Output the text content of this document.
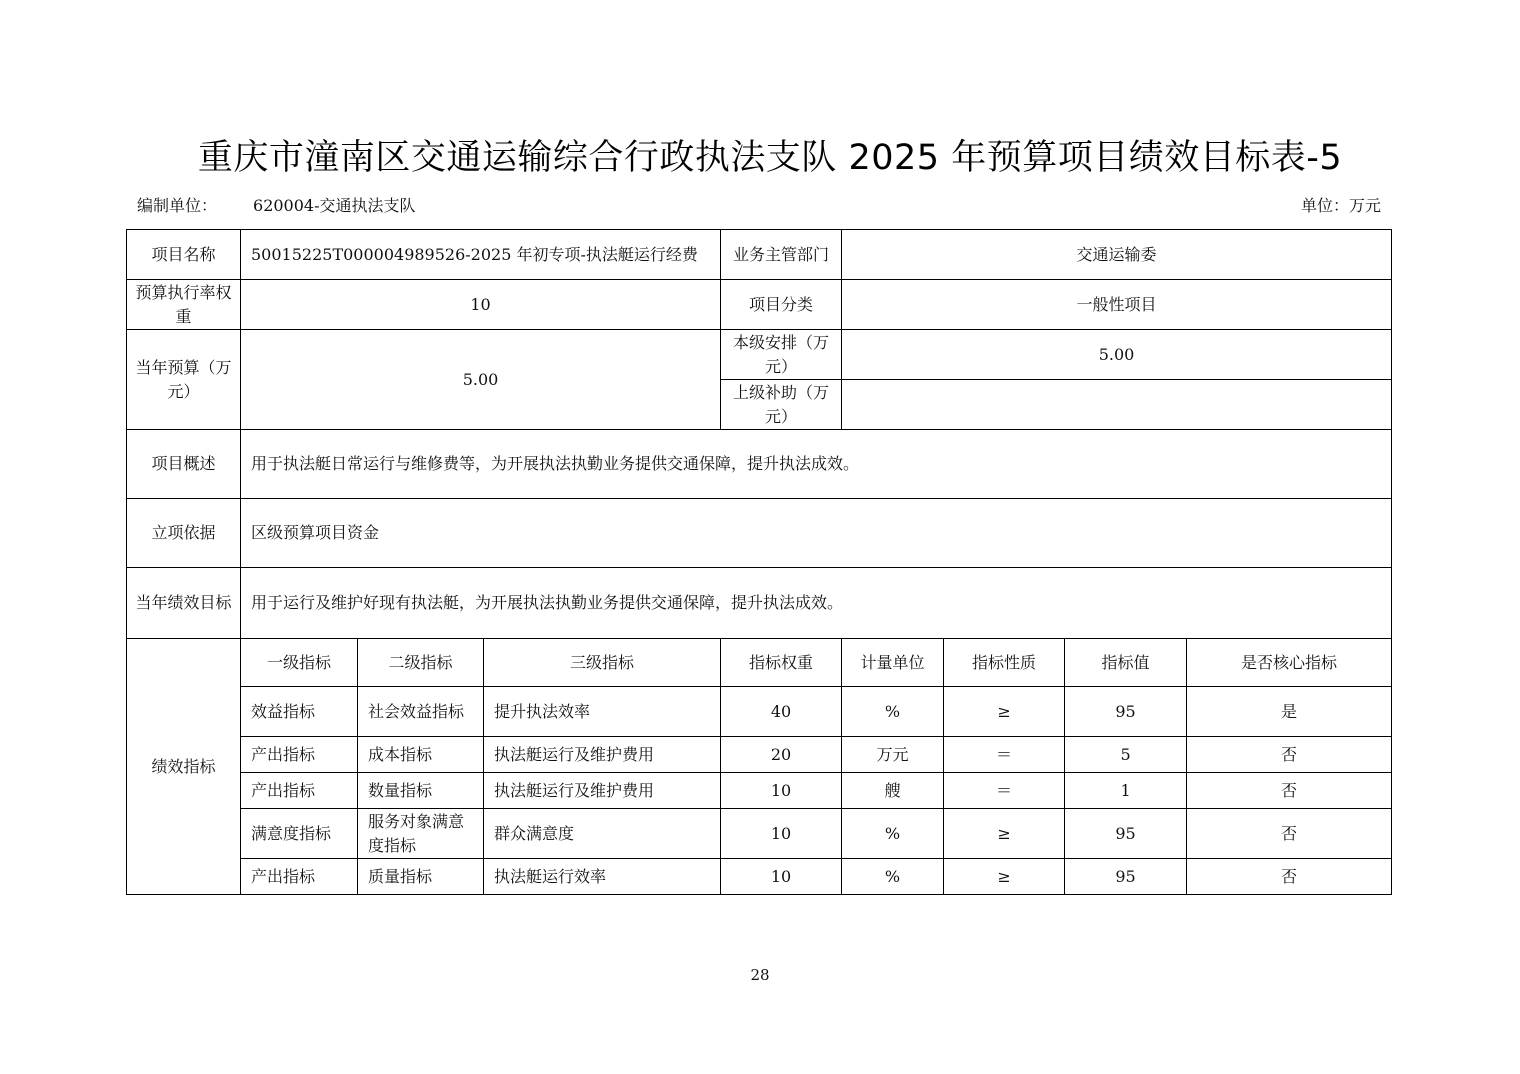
重庆市潼南区交通运输综合行政执法支队 2025 年预算项目绩效目标表-5
编制单位： 620004-交通执法支队	单位：万元
项目名称	50015225T000004989526-2025 年初专项-执法艇运行经费			业务主管部门	交通运输委			
预算执行率权重	10			项目分类	一般性项目			
当年预算（万元）	5.00			本级安排（万元）	5.00			
				上级补助（万元）				
项目概述	用于执法艇日常运行与维修费等，为开展执法执勤业务提供交通保障，提升执法成效。							
立项依据	区级预算项目资金							
当年绩效目标	用于运行及维护好现有执法艇，为开展执法执勤业务提供交通保障，提升执法成效。							
绩效指标	一级指标	二级指标	三级指标	指标权重	计量单位	指标性质	指标值	是否核心指标
	效益指标	社会效益指标	提升执法效率	40	%	≥	95	是
	产出指标	成本指标	执法艇运行及维护费用	20	万元	＝	5	否
	产出指标	数量指标	执法艇运行及维护费用	10	艘	＝	1	否
	满意度指标	服务对象满意度指标	群众满意度	10	%	≥	95	否
	产出指标	质量指标	执法艇运行效率	10	%	≥	95	否
28
